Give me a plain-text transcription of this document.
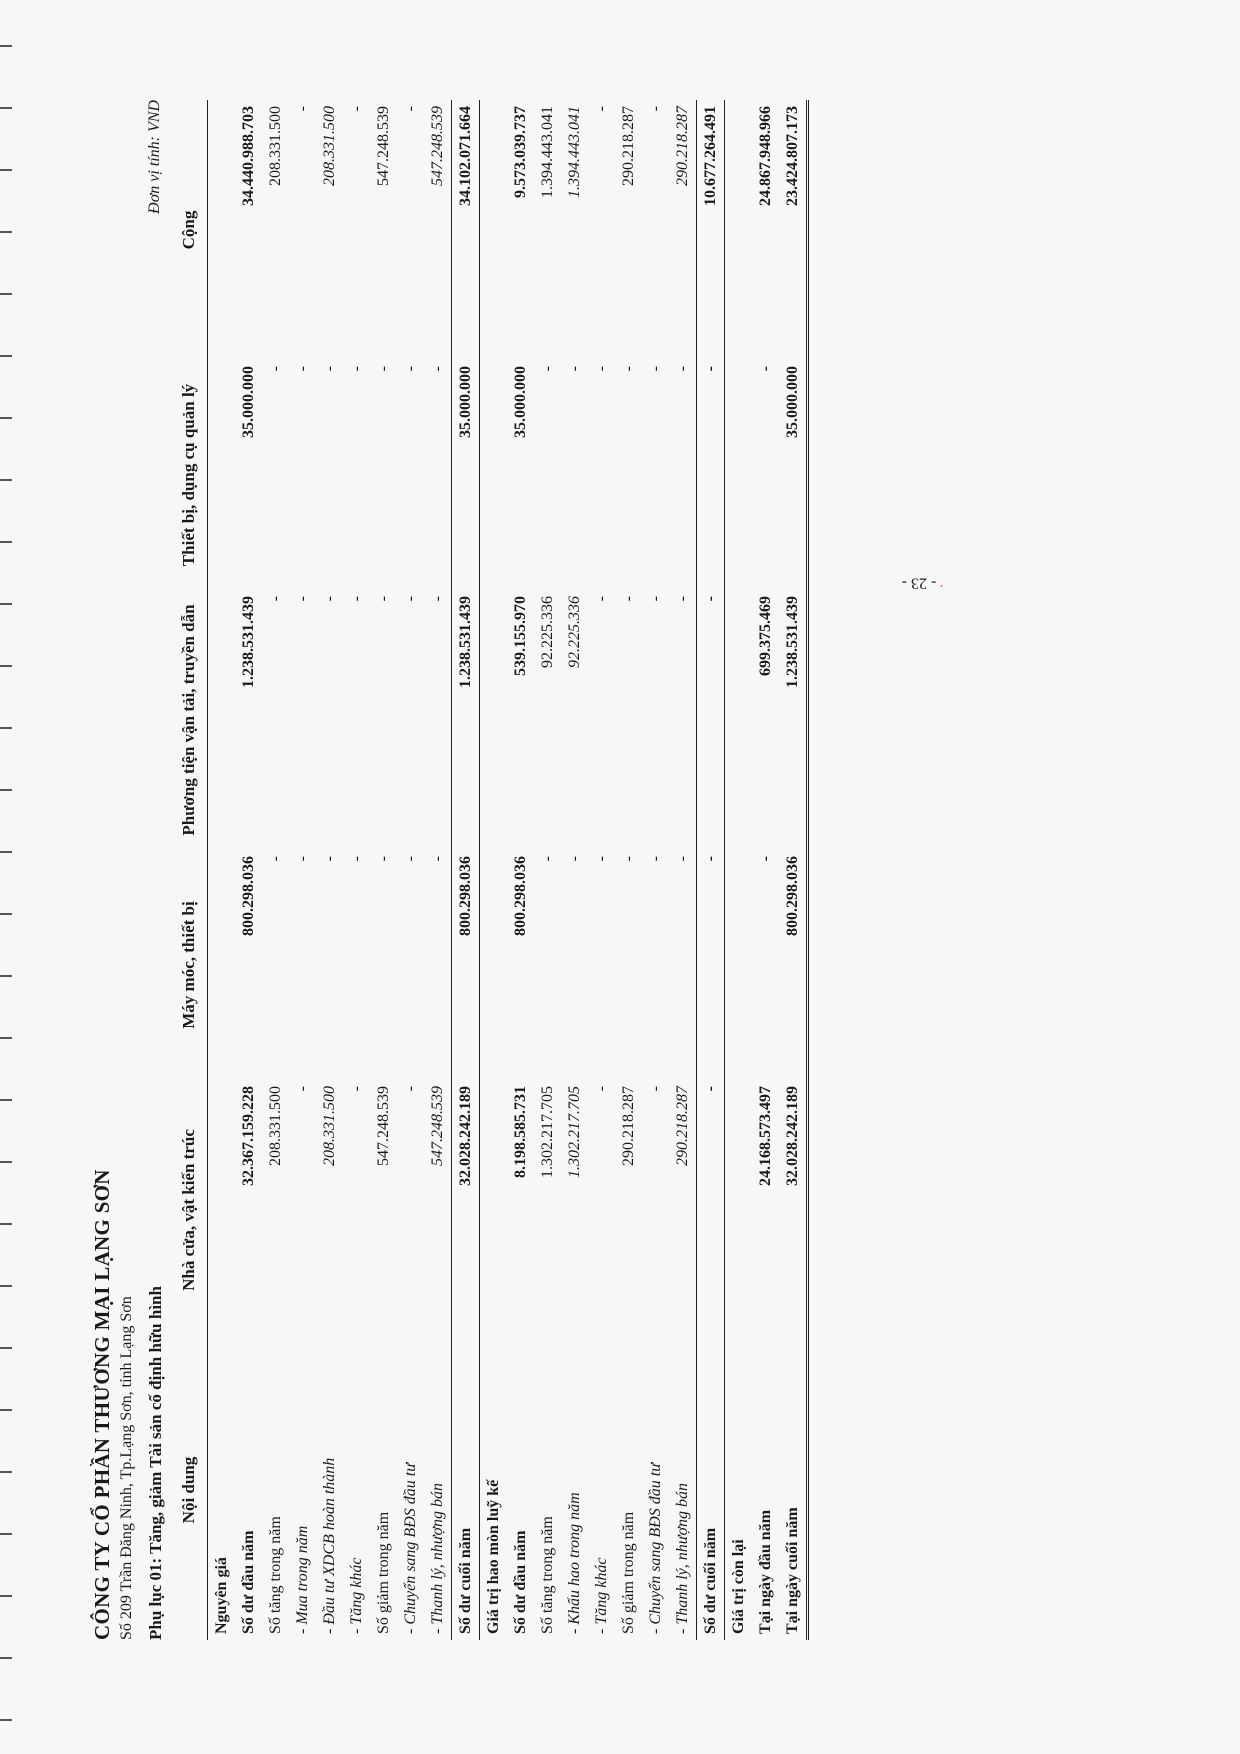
CÔNG TY CỔ PHẦN THƯƠNG MẠI LẠNG SƠN Số 209 Trần Đăng Ninh, Tp.Lạng Sơn, tỉnh Lạng Sơn Phụ lục 01: Tăng, giảm Tài sản cố định hữu hình
Đơn vị tính: VND
Nội dung	Nhà cửa, vật kiến trúc	Máy móc, thiết bị	Phương tiện vận tải, truyền dẫn	Thiết bị, dụng cụ quản lý	Cộng
Nguyên giá					
Số dư đầu năm	32.367.159.228	800.298.036	1.238.531.439	35.000.000	34.440.988.703
Số tăng trong năm	208.331.500	-	-	-	208.331.500
- Mua trong năm	-	-	-	-	-
- Đầu tư XDCB hoàn thành	208.331.500	-	-	-	208.331.500
- Tăng khác	-	-	-	-	-
Số giảm trong năm	547.248.539	-	-	-	547.248.539
- Chuyển sang BĐS đầu tư	-	-	-	-	-
- Thanh lý, nhượng bán	547.248.539	-	-	-	547.248.539
Số dư cuối năm	32.028.242.189	800.298.036	1.238.531.439	35.000.000	34.102.071.664
Giá trị hao mòn luỹ kế					
Số dư đầu năm	8.198.585.731	800.298.036	539.155.970	35.000.000	9.573.039.737
Số tăng trong năm	1.302.217.705	-	92.225.336	-	1.394.443.041
- Khấu hao trong năm	1.302.217.705	-	92.225.336	-	1.394.443.041
- Tăng khác	-	-	-	-	-
Số giảm trong năm	290.218.287	-	-	-	290.218.287
- Chuyển sang BĐS đầu tư	-	-	-	-	-
- Thanh lý, nhượng bán	290.218.287	-	-	-	290.218.287
Số dư cuối năm	-	-	-	-	10.677.264.491
Giá trị còn lại					
Tại ngày đầu năm	24.168.573.497	-	699.375.469	-	24.867.948.966
Tại ngày cuối năm	32.028.242.189	800.298.036	1.238.531.439	35.000.000	23.424.807.173
- 23 - ׁׁׁ
